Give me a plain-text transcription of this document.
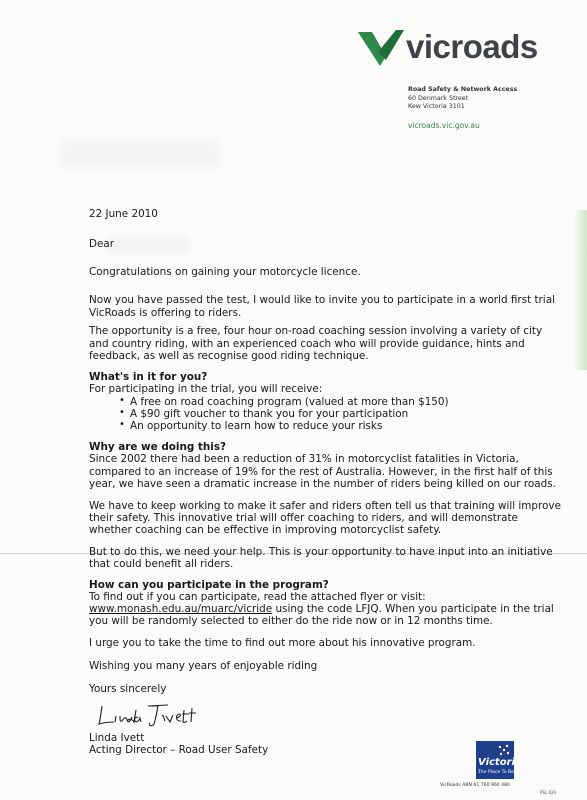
vicroads
Road Safety & Network Access
60 Denmark Street
Kew Victoria 3101
vicroads.vic.gov.au
22 June 2010
Dear
Congratulations on gaining your motorcycle licence.
Now you have passed the test, I would like to invite you to participate in a world first trial
VicRoads is offering to riders.
The opportunity is a free, four hour on-road coaching session involving a variety of city
and country riding, with an experienced coach who will provide guidance, hints and
feedback, as well as recognise good riding technique.
What's in it for you?
For participating in the trial, you will receive:
• A free on road coaching program (valued at more than $150)
• A $90 gift voucher to thank you for your participation
• An opportunity to learn how to reduce your risks
Why are we doing this?
Since 2002 there had been a reduction of 31% in motorcyclist fatalities in Victoria,
compared to an increase of 19% for the rest of Australia. However, in the first half of this
year, we have seen a dramatic increase in the number of riders being killed on our roads.
We have to keep working to make it safer and riders often tell us that training will improve
their safety. This innovative trial will offer coaching to riders, and will demonstrate
whether coaching can be effective in improving motorcyclist safety.
But to do this, we need your help. This is your opportunity to have input into an initiative
that could benefit all riders.
How can you participate in the program?
To find out if you can participate, read the attached flyer or visit:
www.monash.edu.au/muarc/vicride using the code LFJQ. When you participate in the trial
you will be randomly selected to either do the ride now or in 12 months time.
I urge you to take the time to find out more about his innovative program.
Wishing you many years of enjoyable riding
Yours sincerely
Linda Ivett
Acting Director – Road User Safety
Victoria
The Place To Be
VicRoads ABN 61 760 960 480
PSL 02A
